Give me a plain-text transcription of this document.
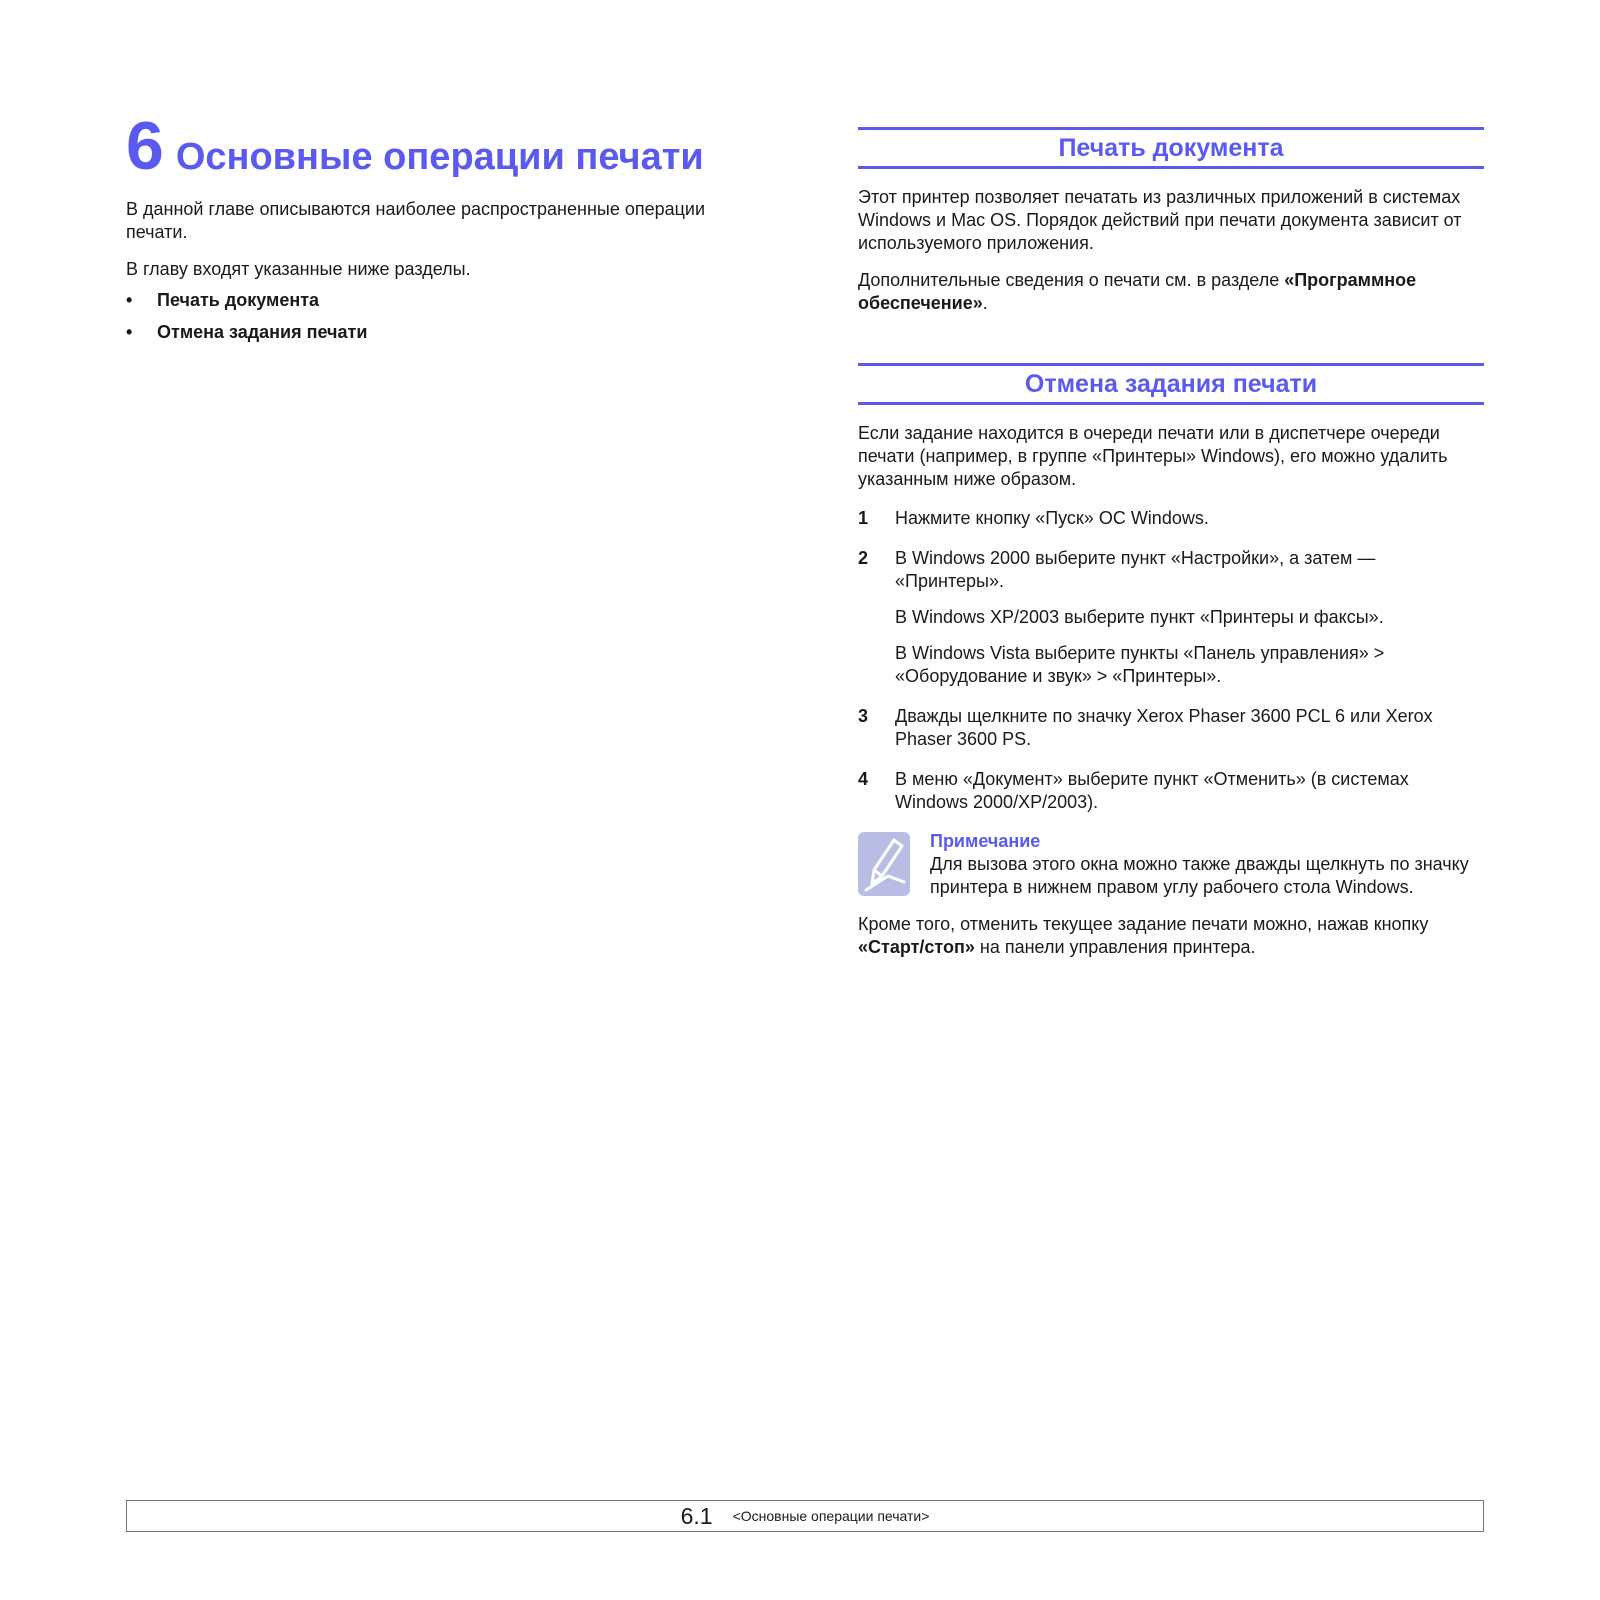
6 Основные операции печати

В данной главе описываются наиболее распространенные операции печати.

В главу входят указанные ниже разделы.

•	Печать документа
•	Отмена задания печати
Печать документа

Этот принтер позволяет печатать из различных приложений в системах Windows и Mac OS. Порядок действий при печати документа зависит от используемого приложения.

Дополнительные сведения о печати см. в разделе «Программное обеспечение».

Отмена задания печати

Если задание находится в очереди печати или в диспетчере очереди печати (например, в группе «Принтеры» Windows), его можно удалить указанным ниже образом.

1	Нажмите кнопку «Пуск» ОС Windows.

2	В Windows 2000 выберите пункт «Настройки», а затем — «Принтеры».

В Windows XP/2003 выберите пункт «Принтеры и факсы».

В Windows Vista выберите пункты «Панель управления» > «Оборудование и звук» > «Принтеры».

3	Дважды щелкните по значку Xerox Phaser 3600 PCL 6 или Xerox Phaser 3600 PS.

4	В меню «Документ» выберите пункт «Отменить» (в системах Windows 2000/XP/2003).

Примечание
Для вызова этого окна можно также дважды щелкнуть по значку принтера в нижнем правом углу рабочего стола Windows.

Кроме того, отменить текущее задание печати можно, нажав кнопку «Старт/стоп» на панели управления принтера.

6.1 <Основные операции печати>
